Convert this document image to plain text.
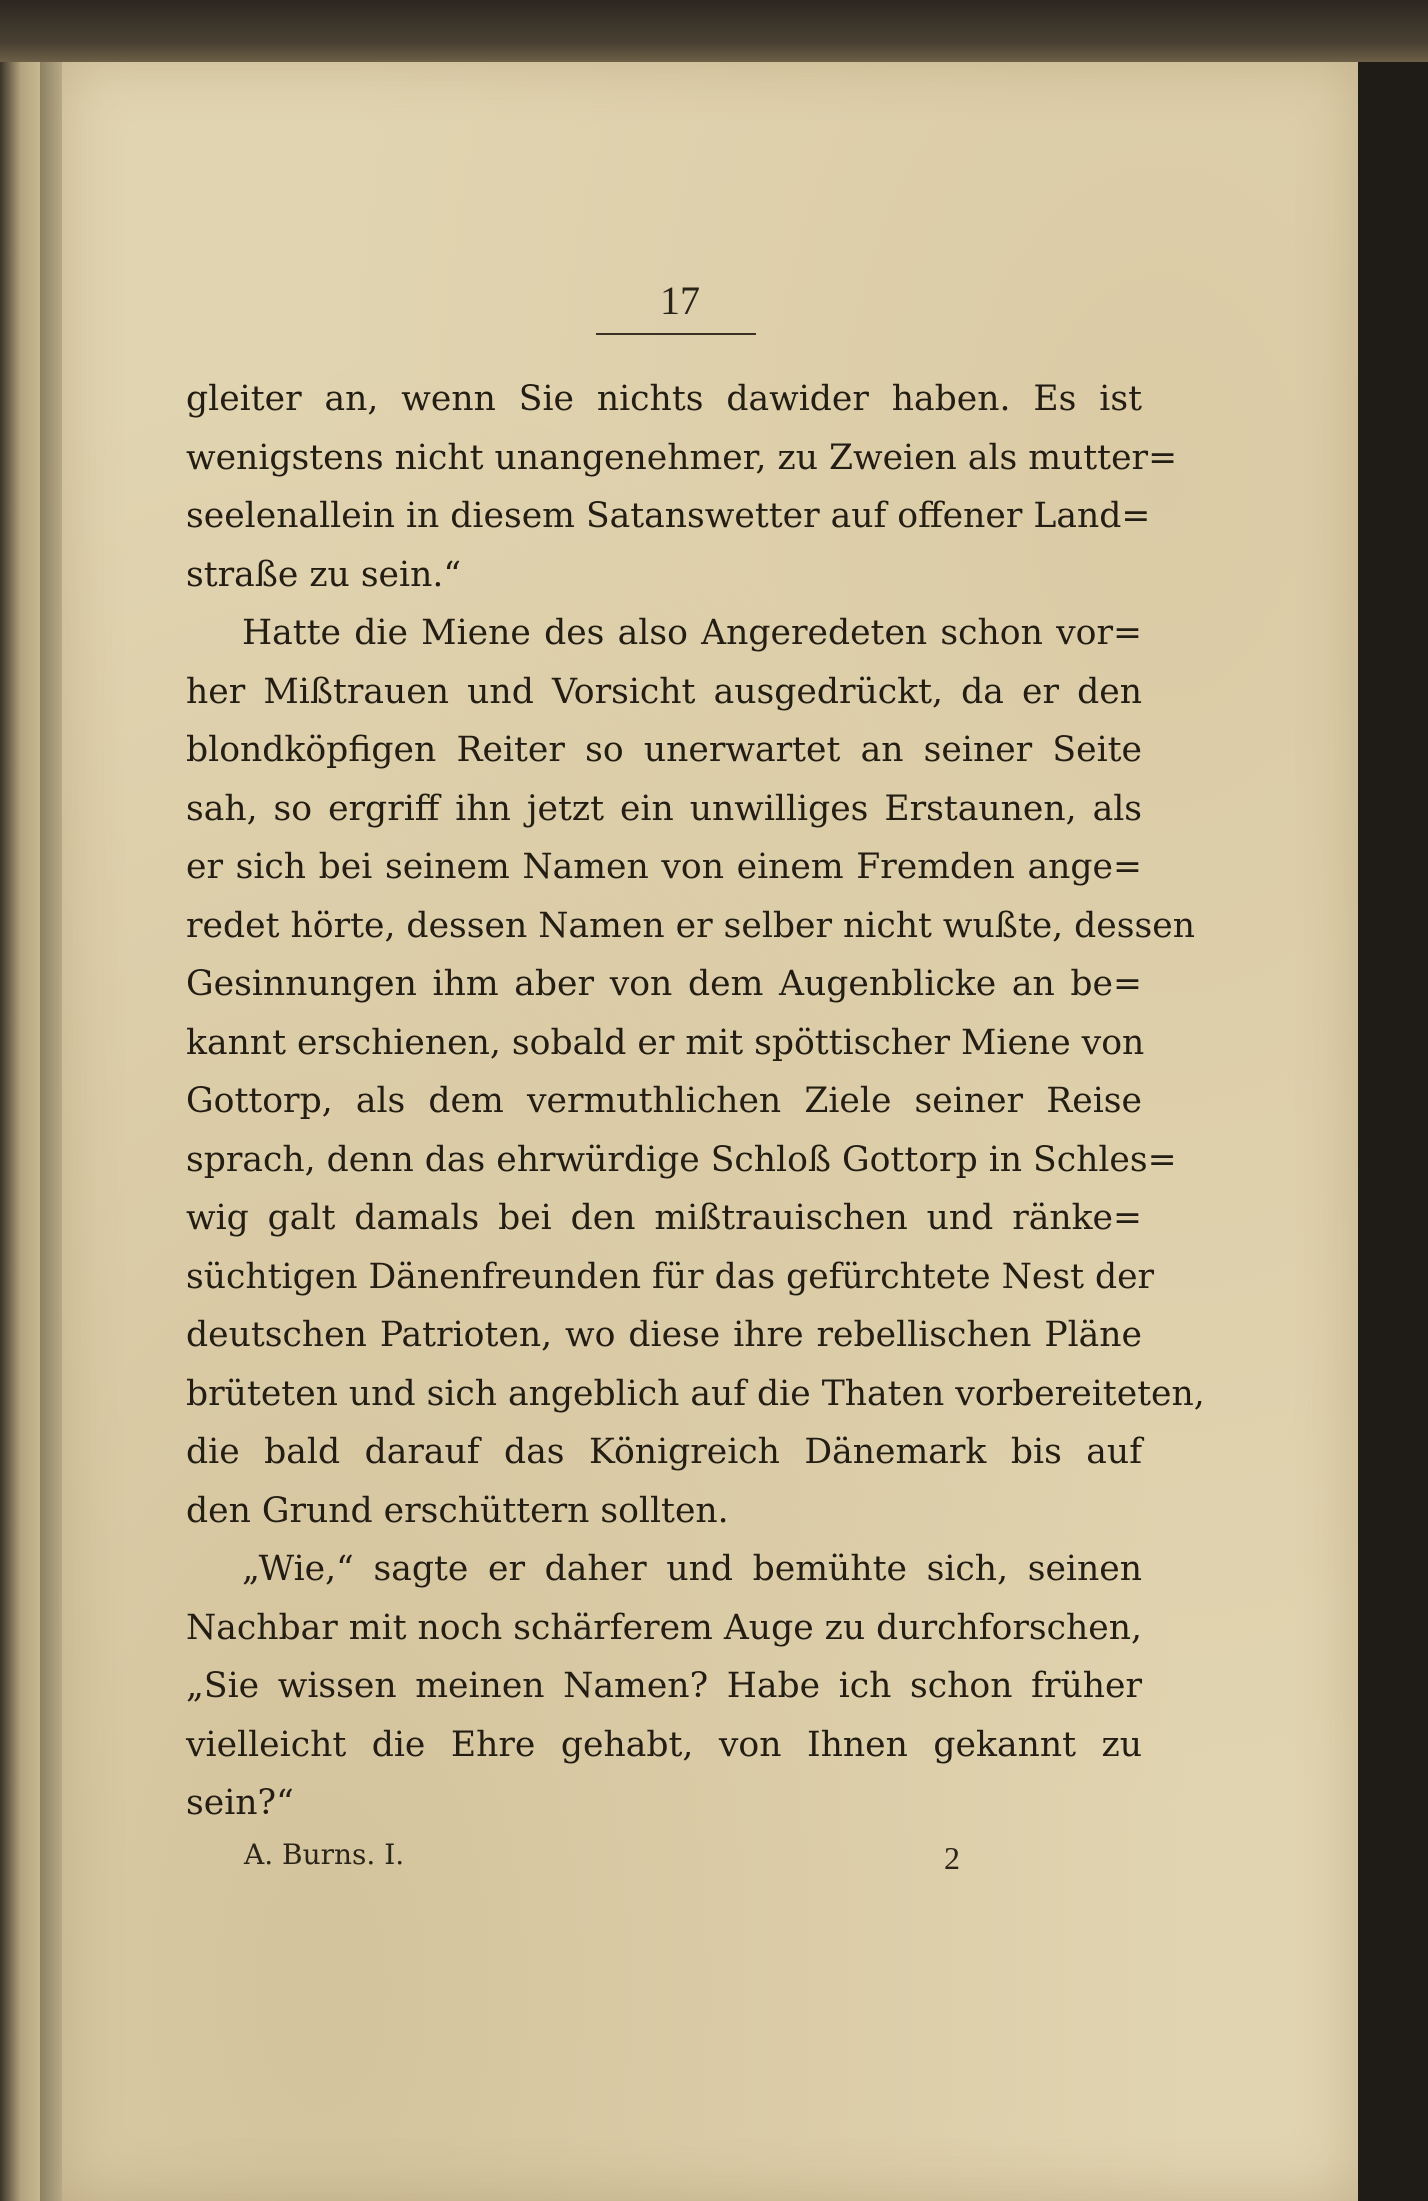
17
gleiter an, wenn Sie nichts dawider haben. Es ist
wenigstens nicht unangenehmer, zu Zweien als mutter=
seelenallein in diesem Satanswetter auf offener Land=
straße zu sein.“
Hatte die Miene des also Angeredeten schon vor=
her Mißtrauen und Vorsicht ausgedrückt, da er den
blondköpfigen Reiter so unerwartet an seiner Seite
sah, so ergriff ihn jetzt ein unwilliges Erstaunen, als
er sich bei seinem Namen von einem Fremden ange=
redet hörte, dessen Namen er selber nicht wußte, dessen
Gesinnungen ihm aber von dem Augenblicke an be=
kannt erschienen, sobald er mit spöttischer Miene von
Gottorp, als dem vermuthlichen Ziele seiner Reise
sprach, denn das ehrwürdige Schloß Gottorp in Schles=
wig galt damals bei den mißtrauischen und ränke=
süchtigen Dänenfreunden für das gefürchtete Nest der
deutschen Patrioten, wo diese ihre rebellischen Pläne
brüteten und sich angeblich auf die Thaten vorbereiteten,
die bald darauf das Königreich Dänemark bis auf
den Grund erschüttern sollten.
„Wie,“ sagte er daher und bemühte sich, seinen
Nachbar mit noch schärferem Auge zu durchforschen,
„Sie wissen meinen Namen? Habe ich schon früher
vielleicht die Ehre gehabt, von Ihnen gekannt zu
sein?“
A. Burns. I.	2
